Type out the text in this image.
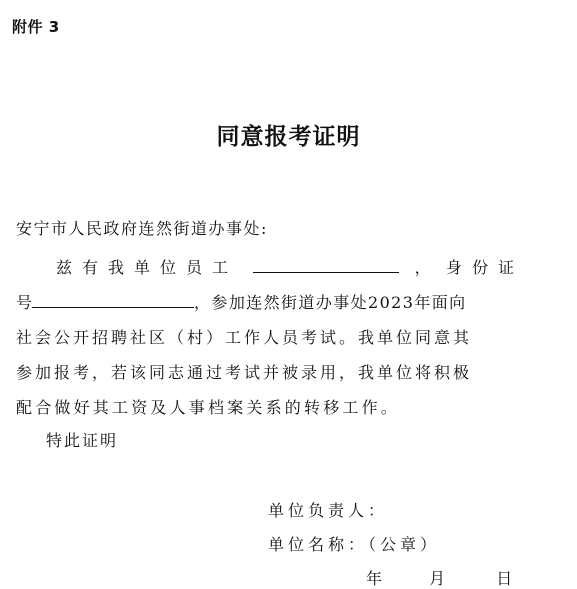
附件 3
同意报考证明
安宁市人民政府连然街道办事处:
兹有我单位员工	， 身份证
号	，参加连然街道办事处2023年面向
社会公开招聘社区（村）工作人员考试。我单位同意其
参加报考，若该同志通过考试并被录用，我单位将积极
配合做好其工资及人事档案关系的转移工作。
特此证明
单位负责人：
单位名称：（公章）
年	月	日
